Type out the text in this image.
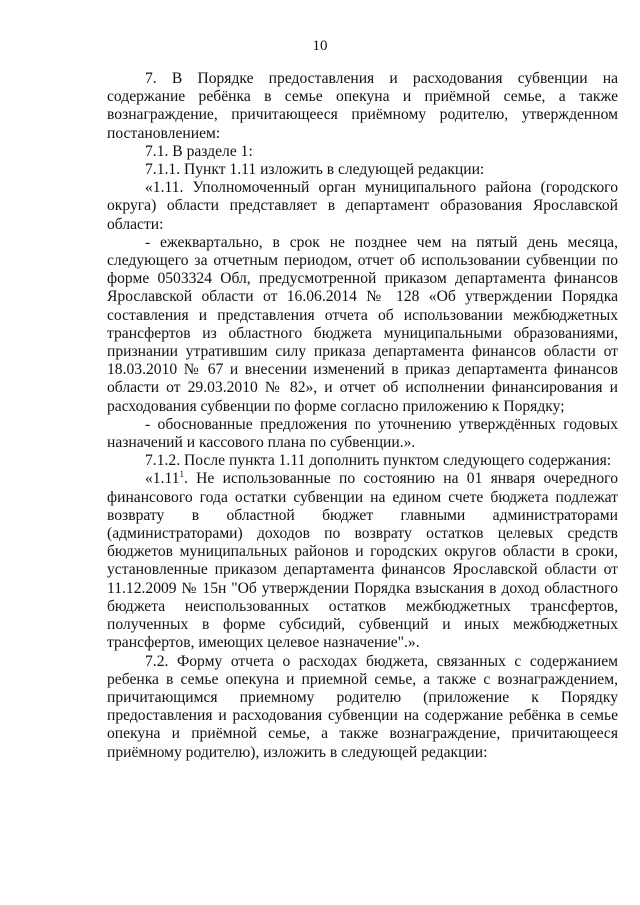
10

7. В Порядке предоставления и расходования субвенции на содержание ребёнка в семье опекуна и приёмной семье, а также вознаграждение, причитающееся приёмному родителю, утвержденном постановлением:

7.1. В разделе 1:

7.1.1. Пункт 1.11 изложить в следующей редакции:

«1.11. Уполномоченный орган муниципального района (городского округа) области представляет в департамент образования Ярославской области:

- ежеквартально, в срок не позднее чем на пятый день месяца, следующего за отчетным периодом, отчет об использовании субвенции по форме 0503324 Обл, предусмотренной приказом департамента финансов Ярославской области от 16.06.2014 № 128 «Об утверждении Порядка составления и представления отчета об использовании межбюджетных трансфертов из областного бюджета муниципальными образованиями, признании утратившим силу приказа департамента финансов области от 18.03.2010 № 67 и внесении изменений в приказ департамента финансов области от 29.03.2010 № 82», и отчет об исполнении финансирования и расходования субвенции по форме согласно приложению к Порядку;

- обоснованные предложения по уточнению утверждённых годовых назначений и кассового плана по субвенции.».

7.1.2. После пункта 1.11 дополнить пунктом следующего содержания:

«1.11$^1$. Не использованные по состоянию на 01 января очередного финансового года остатки субвенции на едином счете бюджета подлежат возврату в областной бюджет главными администраторами (администраторами) доходов по возврату остатков целевых средств бюджетов муниципальных районов и городских округов области в сроки, установленные приказом департамента финансов Ярославской области от 11.12.2009 № 15н "Об утверждении Порядка взыскания в доход областного бюджета неиспользованных остатков межбюджетных трансфертов, полученных в форме субсидий, субвенций и иных межбюджетных трансфертов, имеющих целевое назначение".».

7.2. Форму отчета о расходах бюджета, связанных с содержанием ребенка в семье опекуна и приемной семье, а также с вознаграждением, причитающимся приемному родителю (приложение к Порядку предоставления и расходования субвенции на содержание ребёнка в семье опекуна и приёмной семье, а также вознаграждение, причитающееся приёмному родителю), изложить в следующей редакции:
